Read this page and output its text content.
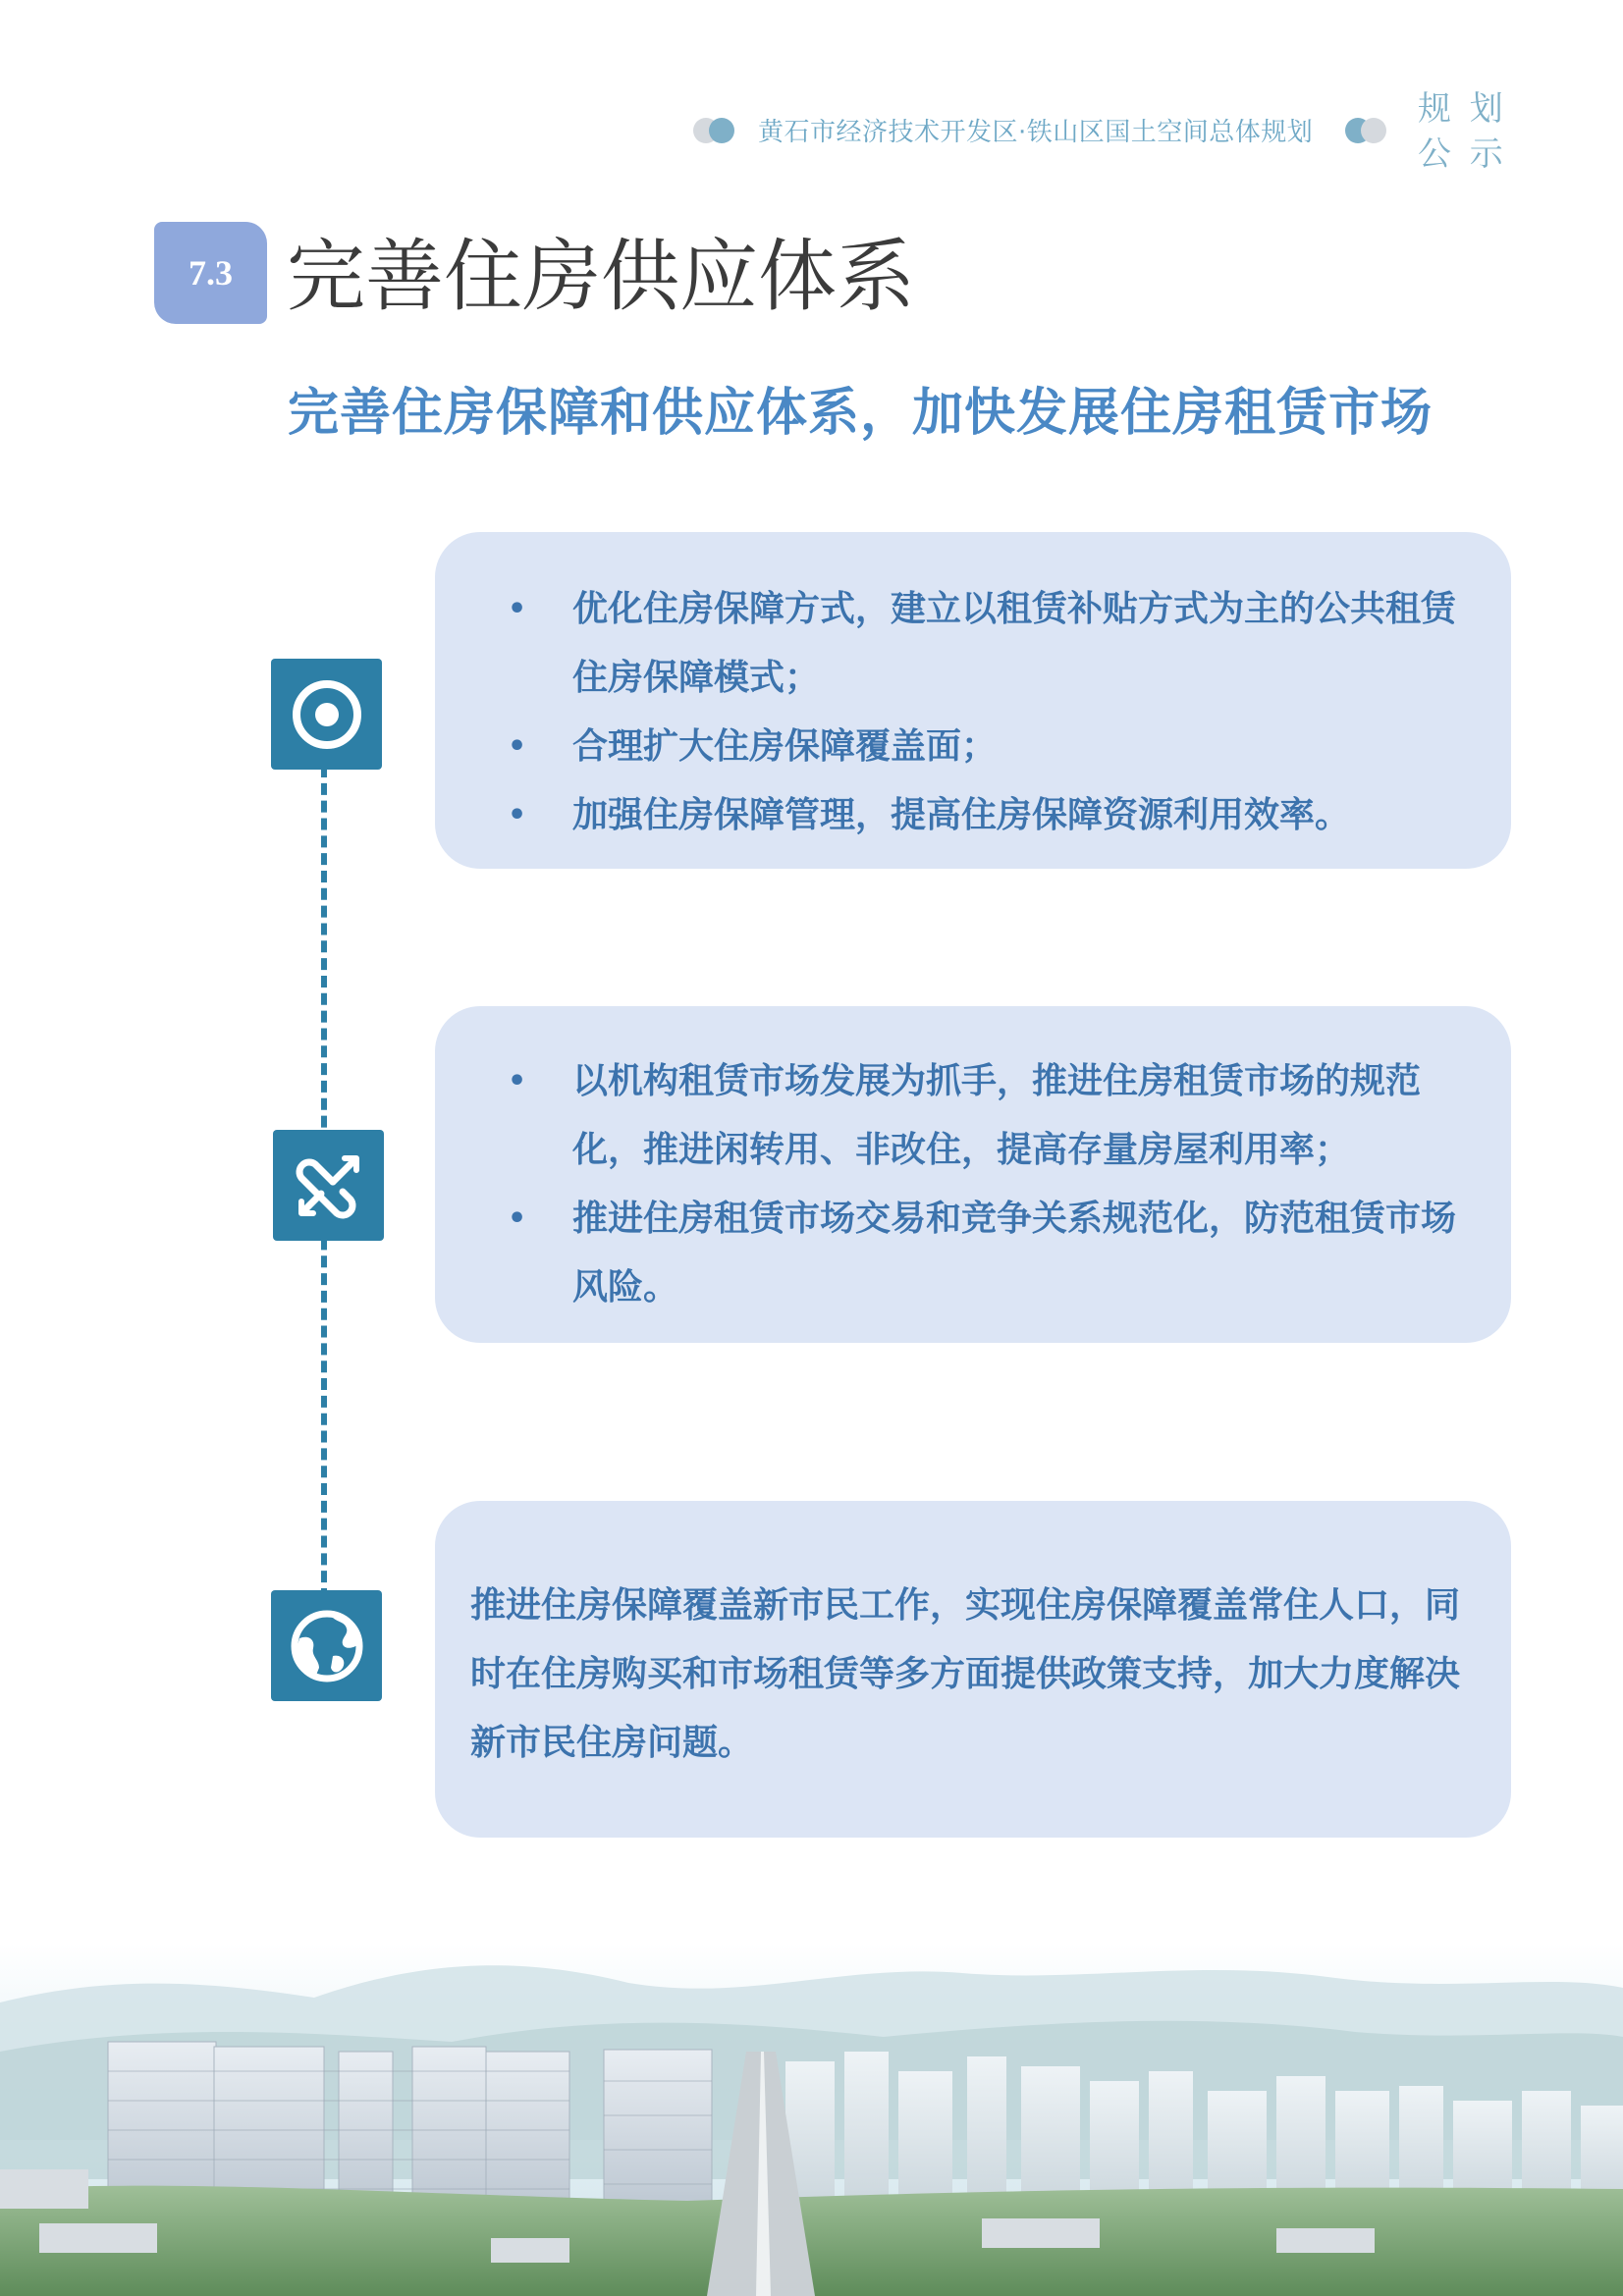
黄石市经济技术开发区·铁山区国土空间总体规划
规 划
公 示
7.3 完善住房供应体系
完善住房保障和供应体系，加快发展住房租赁市场
• 优化住房保障方式，建立以租赁补贴方式为主的公共租赁住房保障模式；
• 合理扩大住房保障覆盖面；
• 加强住房保障管理，提高住房保障资源利用效率。
• 以机构租赁市场发展为抓手，推进住房租赁市场的规范化，推进闲转用、非改住，提高存量房屋利用率；
• 推进住房租赁市场交易和竞争关系规范化，防范租赁市场风险。

推进住房保障覆盖新市民工作，实现住房保障覆盖常住人口，同时在住房购买和市场租赁等多方面提供政策支持，加大力度解决新市民住房问题。
